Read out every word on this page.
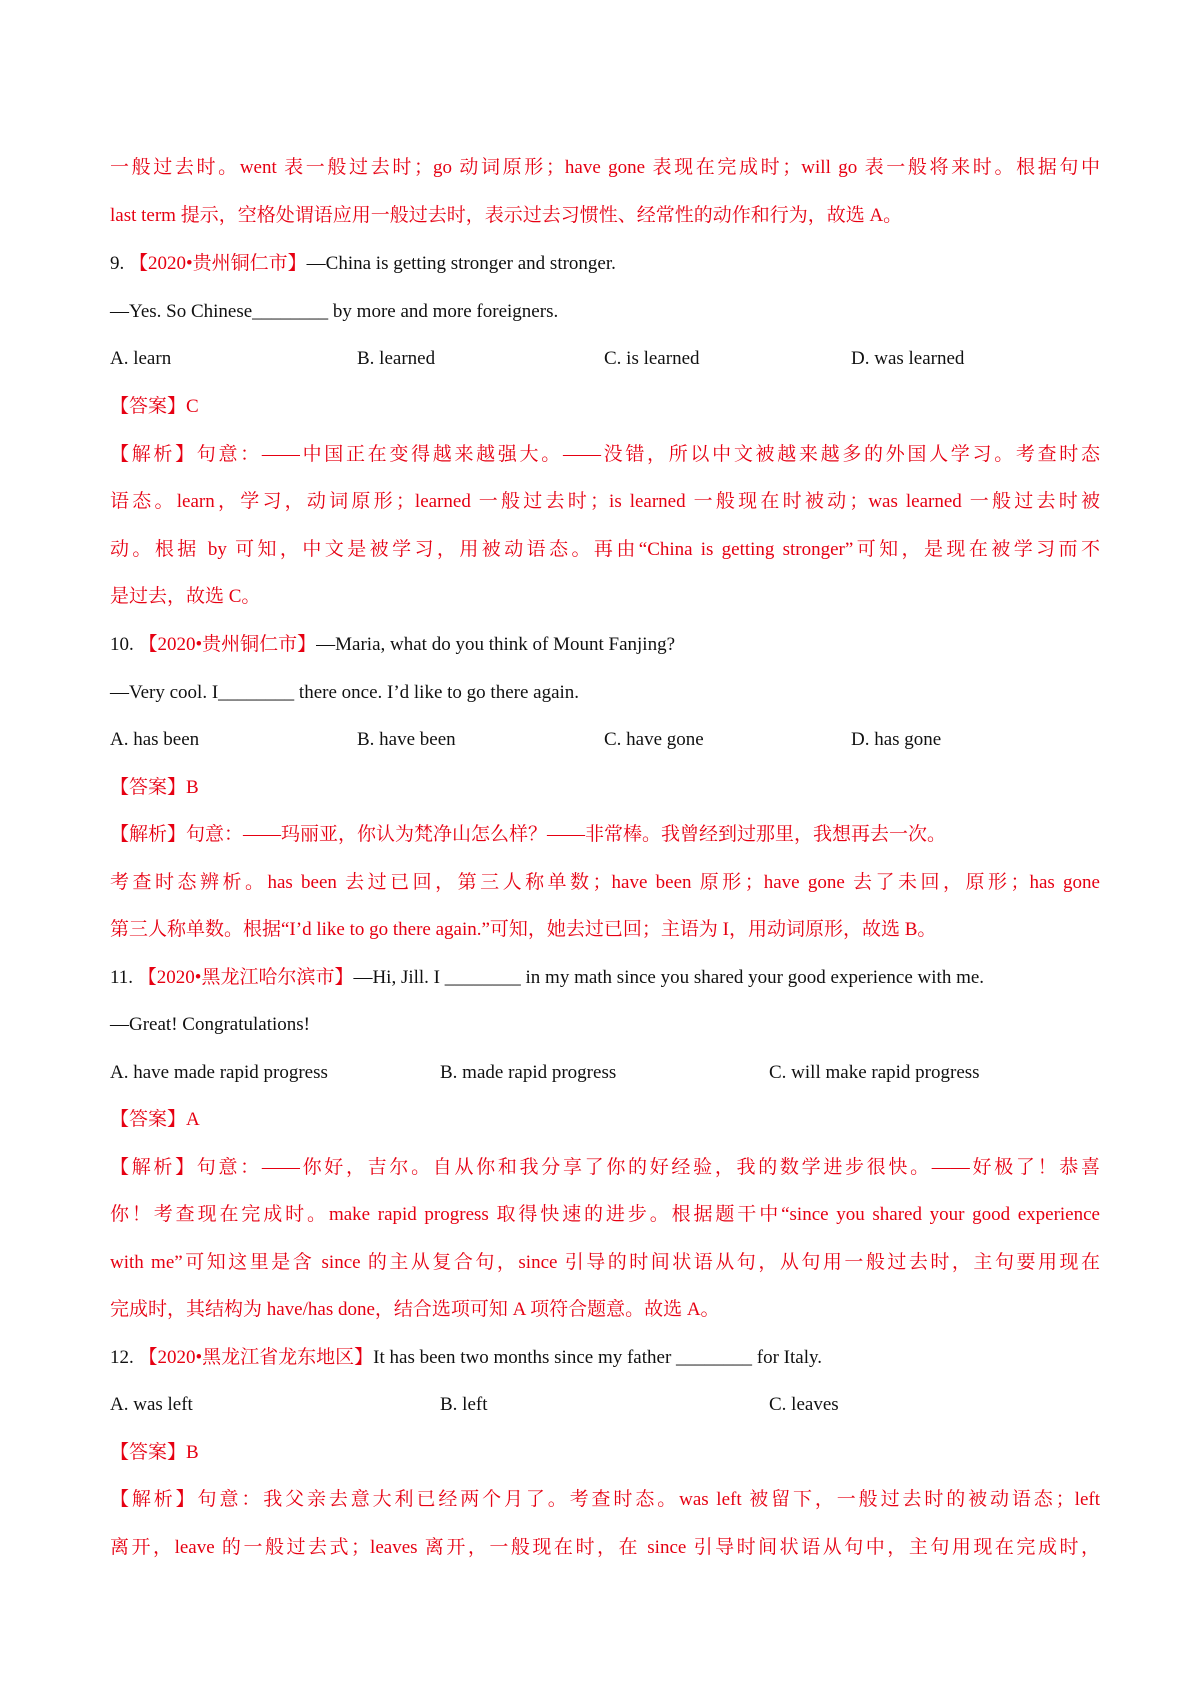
一般过去时。went 表一般过去时；go 动词原形；have gone 表现在完成时；will go 表一般将来时。根据句中
last term 提示，空格处谓语应用一般过去时，表示过去习惯性、经常性的动作和行为，故选 A。
9. 【2020•贵州铜仁市】—China is getting stronger and stronger.
—Yes. So Chinese________ by more and more foreigners.
A. learn	B. learned	C. is learned	D. was learned
【答案】C
【解析】句意：——中国正在变得越来越强大。——没错，所以中文被越来越多的外国人学习。考查时态
语态。learn，学习，动词原形；learned 一般过去时；is learned 一般现在时被动；was learned 一般过去时被
动。根据 by 可知，中文是被学习，用被动语态。再由“China is getting stronger”可知，是现在被学习而不
是过去，故选 C。
10. 【2020•贵州铜仁市】—Maria, what do you think of Mount Fanjing?
—Very cool. I________ there once. I’d like to go there again.
A. has been	B. have been	C. have gone	D. has gone
【答案】B
【解析】句意：——玛丽亚，你认为梵净山怎么样？——非常棒。我曾经到过那里，我想再去一次。
考查时态辨析。has been 去过已回，第三人称单数；have been 原形；have gone 去了未回，原形；has gone
第三人称单数。根据“I’d like to go there again.”可知，她去过已回；主语为 I，用动词原形，故选 B。
11. 【2020•黑龙江哈尔滨市】—Hi, Jill. I ________ in my math since you shared your good experience with me.
—Great! Congratulations!
A. have made rapid progress	B. made rapid progress	C. will make rapid progress
【答案】A
【解析】句意：——你好，吉尔。自从你和我分享了你的好经验，我的数学进步很快。——好极了！恭喜
你！考查现在完成时。make rapid progress 取得快速的进步。根据题干中“since you shared your good experience
with me”可知这里是含 since 的主从复合句，since 引导的时间状语从句，从句用一般过去时，主句要用现在
完成时，其结构为 have/has done，结合选项可知 A 项符合题意。故选 A。
12. 【2020•黑龙江省龙东地区】It has been two months since my father ________ for Italy.
A. was left	B. left	C. leaves
【答案】B
【解析】句意：我父亲去意大利已经两个月了。考查时态。was left 被留下，一般过去时的被动语态；left
离开，leave 的一般过去式；leaves 离开，一般现在时，在 since 引导时间状语从句中，主句用现在完成时，
